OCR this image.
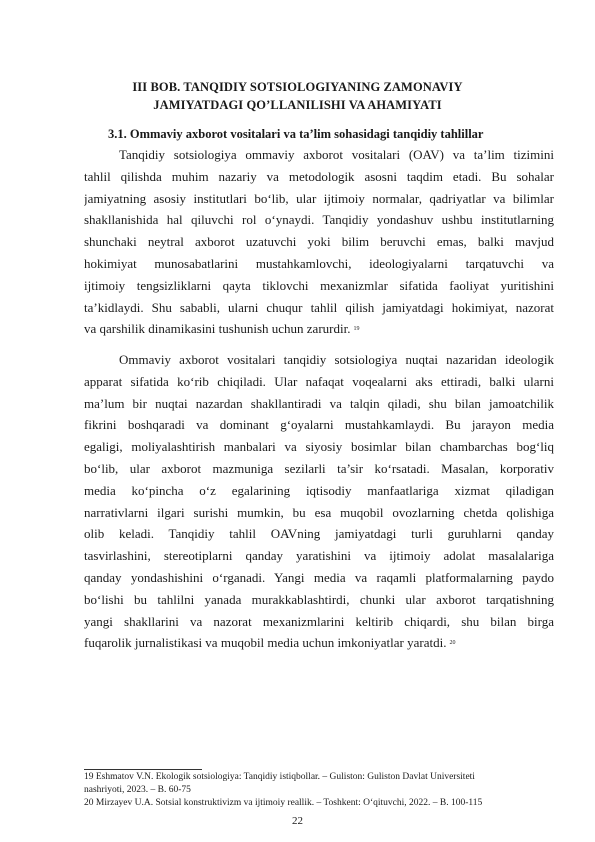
III BOB. TANQIDIY SOTSIOLOGIYANING ZAMONAVIY
JAMIYATDAGI QO’LLANILISHI VA AHAMIYATI
3.1. Ommaviy axborot vositalari va ta’lim sohasidagi tanqidiy tahlillar
Tanqidiy sotsiologiya ommaviy axborot vositalari (OAV) va ta’lim tizimini
tahlil qilishda muhim nazariy va metodologik asosni taqdim etadi. Bu sohalar
jamiyatning asosiy institutlari bo‘lib, ular ijtimoiy normalar, qadriyatlar va bilimlar
shakllanishida hal qiluvchi rol o‘ynaydi. Tanqidiy yondashuv ushbu institutlarning
shunchaki neytral axborot uzatuvchi yoki bilim beruvchi emas, balki mavjud
hokimiyat munosabatlarini mustahkamlovchi, ideologiyalarni tarqatuvchi va
ijtimoiy tengsizliklarni qayta tiklovchi mexanizmlar sifatida faoliyat yuritishini
ta’kidlaydi. Shu sababli, ularni chuqur tahlil qilish jamiyatdagi hokimiyat, nazorat
va qarshilik dinamikasini tushunish uchun zarurdir. $^{19}$
Ommaviy axborot vositalari tanqidiy sotsiologiya nuqtai nazaridan ideologik
apparat sifatida ko‘rib chiqiladi. Ular nafaqat voqealarni aks ettiradi, balki ularni
ma’lum bir nuqtai nazardan shakllantiradi va talqin qiladi, shu bilan jamoatchilik
fikrini boshqaradi va dominant g‘oyalarni mustahkamlaydi. Bu jarayon media
egaligi, moliyalashtirish manbalari va siyosiy bosimlar bilan chambarchas bog‘liq
bo‘lib, ular axborot mazmuniga sezilarli ta’sir ko‘rsatadi. Masalan, korporativ
media ko‘pincha o‘z egalarining iqtisodiy manfaatlariga xizmat qiladigan
narrativlarni ilgari surishi mumkin, bu esa muqobil ovozlarning chetda qolishiga
olib keladi. Tanqidiy tahlil OAVning jamiyatdagi turli guruhlarni qanday
tasvirlashini, stereotiplarni qanday yaratishini va ijtimoiy adolat masalalariga
qanday yondashishini o‘rganadi. Yangi media va raqamli platformalarning paydo
bo‘lishi bu tahlilni yanada murakkablashtirdi, chunki ular axborot tarqatishning
yangi shakllarini va nazorat mexanizmlarini keltirib chiqardi, shu bilan birga
fuqarolik jurnalistikasi va muqobil media uchun imkoniyatlar yaratdi. $^{20}$
19 Eshmatov V.N. Ekologik sotsiologiya: Tanqidiy istiqbollar. – Guliston: Guliston Davlat Universiteti
nashriyoti, 2023. – B. 60-75
20 Mirzayev U.A. Sotsial konstruktivizm va ijtimoiy reallik. – Toshkent: O‘qituvchi, 2022. – B. 100-115
22
